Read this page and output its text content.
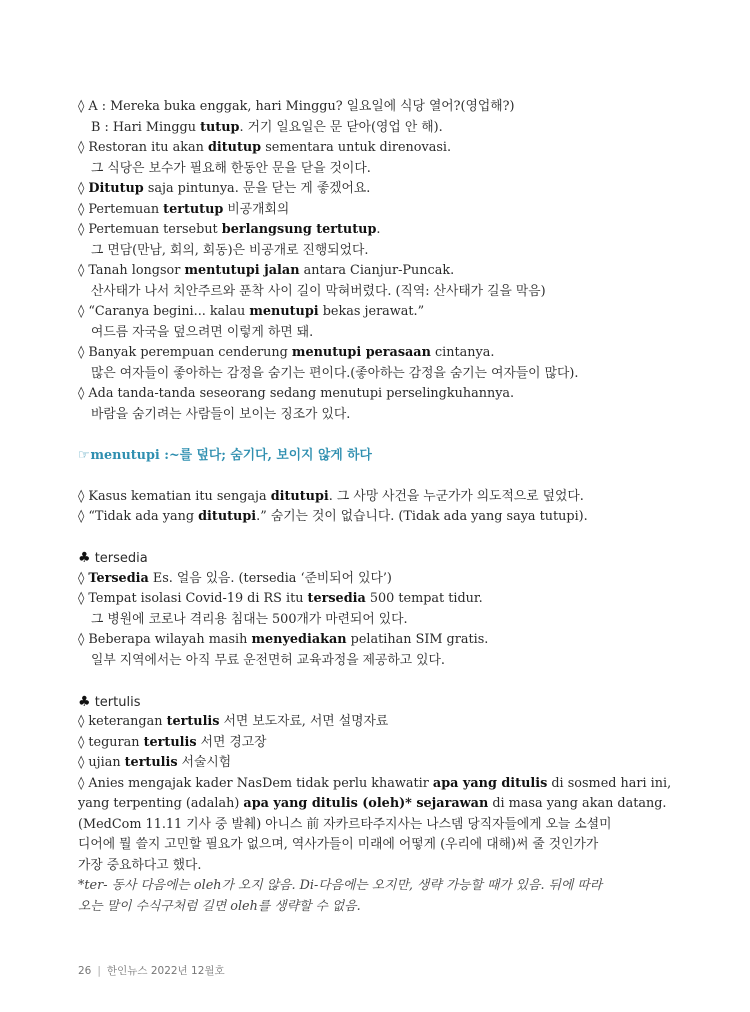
◊ A : Mereka buka enggak, hari Minggu? 일요일에 식당 열어?(영업해?)
B : Hari Minggu tutup. 거기 일요일은 문 닫아(영업 안 해).
◊ Restoran itu akan ditutup sementara untuk direnovasi.
그 식당은 보수가 필요해 한동안 문을 닫을 것이다.
◊ Ditutup saja pintunya. 문을 닫는 게 좋겠어요.
◊ Pertemuan tertutup 비공개회의
◊ Pertemuan tersebut berlangsung tertutup.
그 면담(만남, 회의, 회동)은 비공개로 진행되었다.
◊ Tanah longsor mentutupi jalan antara Cianjur-Puncak.
산사태가 나서 치안주르와 푼착 사이 길이 막혀버렸다. (직역: 산사태가 길을 막음)
◊ “Caranya begini... kalau menutupi bekas jerawat.”
여드름 자국을 덮으려면 이렇게 하면 돼.
◊ Banyak perempuan cenderung menutupi perasaan cintanya.
많은 여자들이 좋아하는 감정을 숨기는 편이다.(좋아하는 감정을 숨기는 여자들이 많다).
◊ Ada tanda-tanda seseorang sedang menutupi perselingkuhannya.
바람을 숨기려는 사람들이 보이는 징조가 있다.
☞menutupi :~를 덮다; 숨기다, 보이지 않게 하다
◊ Kasus kematian itu sengaja ditutupi. 그 사망 사건을 누군가가 의도적으로 덮었다.
◊ “Tidak ada yang ditutupi.” 숨기는 것이 없습니다. (Tidak ada yang saya tutupi).
♣ tersedia
◊ Tersedia Es. 얼음 있음. (tersedia ‘준비되어 있다’)
◊ Tempat isolasi Covid-19 di RS itu tersedia 500 tempat tidur.
그 병원에 코로나 격리용 침대는 500개가 마련되어 있다.
◊ Beberapa wilayah masih menyediakan pelatihan SIM gratis.
일부 지역에서는 아직 무료 운전면허 교육과정을 제공하고 있다.
♣ tertulis
◊ keterangan tertulis 서면 보도자료, 서면 설명자료
◊ teguran tertulis 서면 경고장
◊ ujian tertulis 서술시험
◊ Anies mengajak kader NasDem tidak perlu khawatir apa yang ditulis di sosmed hari ini,
yang terpenting (adalah) apa yang ditulis (oleh)* sejarawan di masa yang akan datang.
(MedCom 11.11 기사 중 발췌) 아니스 前 자카르타주지사는 나스뎀 당직자들에게 오늘 소셜미
디어에 뭘 쓸지 고민할 필요가 없으며, 역사가들이 미래에 어떻게 (우리에 대해)써 줄 것인가가
가장 중요하다고 했다.
*ter- 동사 다음에는 oleh가 오지 않음. Di-다음에는 오지만, 생략 가능할 때가 있음. 뒤에 따라
오는 말이 수식구처럼 길면 oleh를 생략할 수 없음.
26 | 한인뉴스 2022년 12월호
